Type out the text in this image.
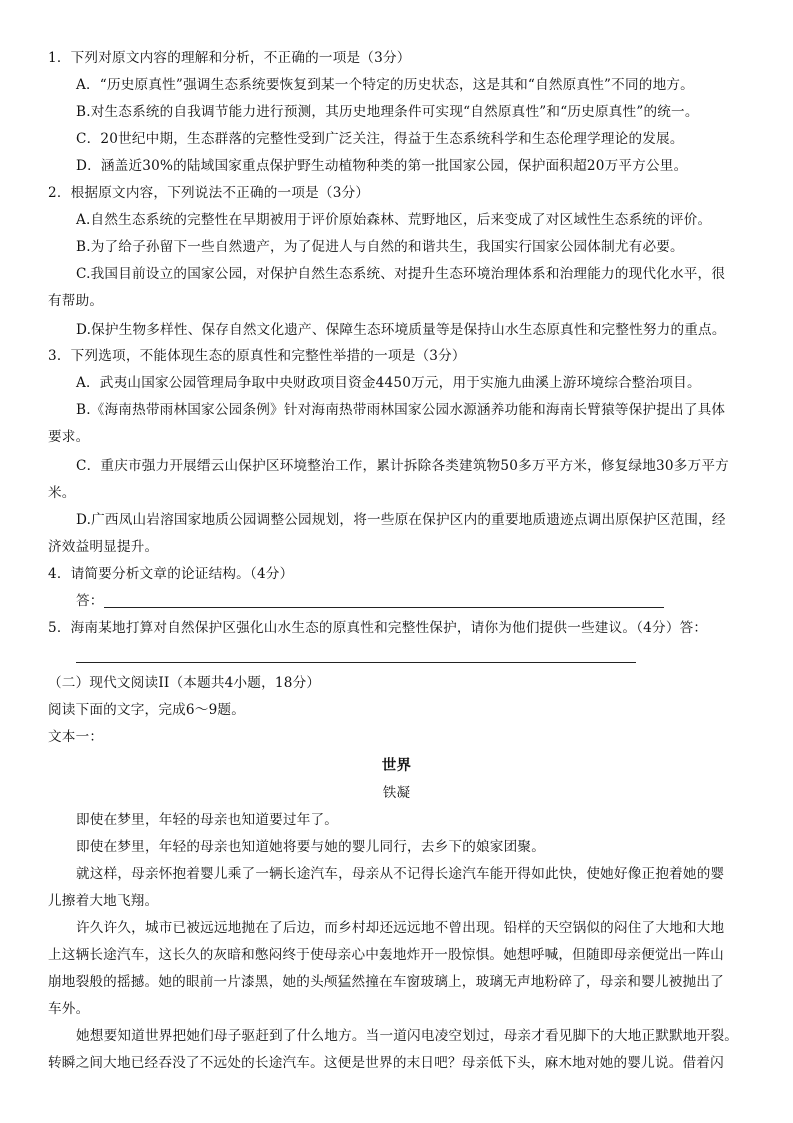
1．下列对原文内容的理解和分析，不正确的一项是（3分）
A．“历史原真性”强调生态系统要恢复到某一个特定的历史状态，这是其和“自然原真性”不同的地方。
B.对生态系统的自我调节能力进行预测，其历史地理条件可实现“自然原真性”和“历史原真性”的统一。
C．20世纪中期，生态群落的完整性受到广泛关注，得益于生态系统科学和生态伦理学理论的发展。
D．涵盖近30%的陆域国家重点保护野生动植物种类的第一批国家公园，保护面积超20万平方公里。
2．根据原文内容，下列说法不正确的一项是（3分）
A.自然生态系统的完整性在早期被用于评价原始森林、荒野地区，后来变成了对区域性生态系统的评价。
B.为了给子孙留下一些自然遗产，为了促进人与自然的和谐共生，我国实行国家公园体制尤有必要。
C.我国目前设立的国家公园，对保护自然生态系统、对提升生态环境治理体系和治理能力的现代化水平，很
有帮助。
D.保护生物多样性、保存自然文化遗产、保障生态环境质量等是保持山水生态原真性和完整性努力的重点。
3．下列选项，不能体现生态的原真性和完整性举措的一项是（3分）
A．武夷山国家公园管理局争取中央财政项目资金4450万元，用于实施九曲溪上游环境综合整治项目。
B.《海南热带雨林国家公园条例》针对海南热带雨林国家公园水源涵养功能和海南长臂猿等保护提出了具体
要求。
C．重庆市强力开展缙云山保护区环境整治工作，累计拆除各类建筑物50多万平方米，修复绿地30多万平方
米。
D.广西凤山岩溶国家地质公园调整公园规划，将一些原在保护区内的重要地质遗迹点调出原保护区范围，经
济效益明显提升。
4．请简要分析文章的论证结构。（4分）
答：
5．海南某地打算对自然保护区强化山水生态的原真性和完整性保护，请你为他们提供一些建议。（4分）答：
（二）现代文阅读II（本题共4小题，18分）
阅读下面的文字，完成6～9题。
文本一：
世界
铁凝
即使在梦里，年轻的母亲也知道要过年了。
即使在梦里，年轻的母亲也知道她将要与她的婴儿同行，去乡下的娘家团聚。
就这样，母亲怀抱着婴儿乘了一辆长途汽车，母亲从不记得长途汽车能开得如此快，使她好像正抱着她的婴
儿擦着大地飞翔。
许久许久，城市已被远远地抛在了后边，而乡村却还远远地不曾出现。铅样的天空锅似的闷住了大地和大地
上这辆长途汽车，这长久的灰暗和憋闷终于使母亲心中轰地炸开一股惊惧。她想呼喊，但随即母亲便觉出一阵山
崩地裂般的摇撼。她的眼前一片漆黑，她的头颅猛然撞在车窗玻璃上，玻璃无声地粉碎了，母亲和婴儿被抛出了
车外。
她想要知道世界把她们母子驱赶到了什么地方。当一道闪电凌空划过，母亲才看见脚下的大地正默默地开裂。
转瞬之间大地已经吞没了不远处的长途汽车。这便是世界的末日吧？母亲低下头，麻木地对她的婴儿说。借着闪
